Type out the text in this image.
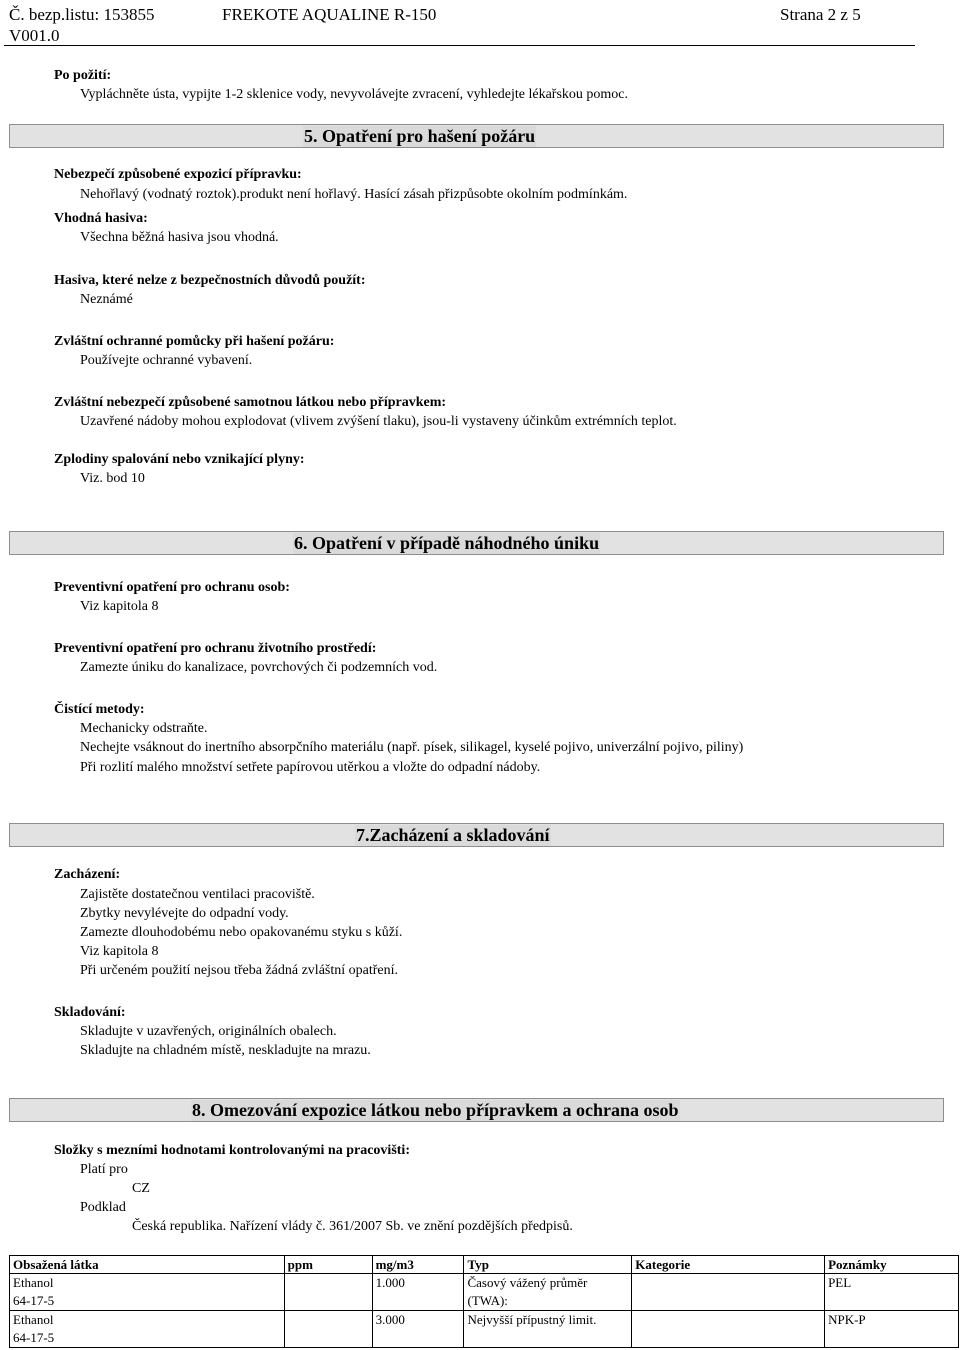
Č. bezp.listu: 153855	FREKOTE AQUALINE R-150	Strana 2 z 5
V001.0
Po požití:
Vypláchněte ústa, vypijte 1-2 sklenice vody, nevyvolávejte zvracení, vyhledejte lékařskou pomoc.
5. Opatření pro hašení požáru
Nebezpečí způsobené expozicí přípravku:
Nehořlavý (vodnatý roztok).produkt není hořlavý. Hasící zásah přizpůsobte okolním podmínkám.
Vhodná hasiva:
Všechna běžná hasiva jsou vhodná.
Hasiva, které nelze z bezpečnostních důvodů použít:
Neznámé
Zvláštní ochranné pomůcky při hašení požáru:
Používejte ochranné vybavení.
Zvláštní nebezpečí způsobené samotnou látkou nebo přípravkem:
Uzavřené nádoby mohou explodovat (vlivem zvýšení tlaku), jsou-li vystaveny účinkům extrémních teplot.
Zplodiny spalování nebo vznikající plyny:
Viz. bod 10
6. Opatření v případě náhodného úniku
Preventivní opatření pro ochranu osob:
Viz kapitola 8
Preventivní opatření pro ochranu životního prostředí:
Zamezte úniku do kanalizace, povrchových či podzemních vod.
Čistící metody:
Mechanicky odstraňte.
Nechejte vsáknout do inertního absorpčního materiálu (např. písek, silikagel, kyselé pojivo, univerzální pojivo, piliny)
Při rozlití malého množství setřete papírovou utěrkou a vložte do odpadní nádoby.
7.Zacházení a skladování
Zacházení:
Zajistěte dostatečnou ventilaci pracoviště.
Zbytky nevylévejte do odpadní vody.
Zamezte dlouhodobému nebo opakovanému styku s kůží.
Viz kapitola 8
Při určeném použití nejsou třeba žádná zvláštní opatření.
Skladování:
Skladujte v uzavřených, originálních obalech.
Skladujte na chladném místě, neskladujte na mrazu.
8. Omezování expozice látkou nebo přípravkem a ochrana osob
Složky s mezními hodnotami kontrolovanými na pracovišti:
Platí pro
CZ
Podklad
Česká republika. Nařízení vlády č. 361/2007 Sb. ve znění pozdějších předpisů.
Obsažená látka	ppm	mg/m3	Typ	Kategorie	Poznámky

Ethanol
64-17-5		1.000	Časový vážený průměr (TWA):		PEL

Ethanol
64-17-5		3.000	Nejvyšší přípustný limit.		NPK-P
